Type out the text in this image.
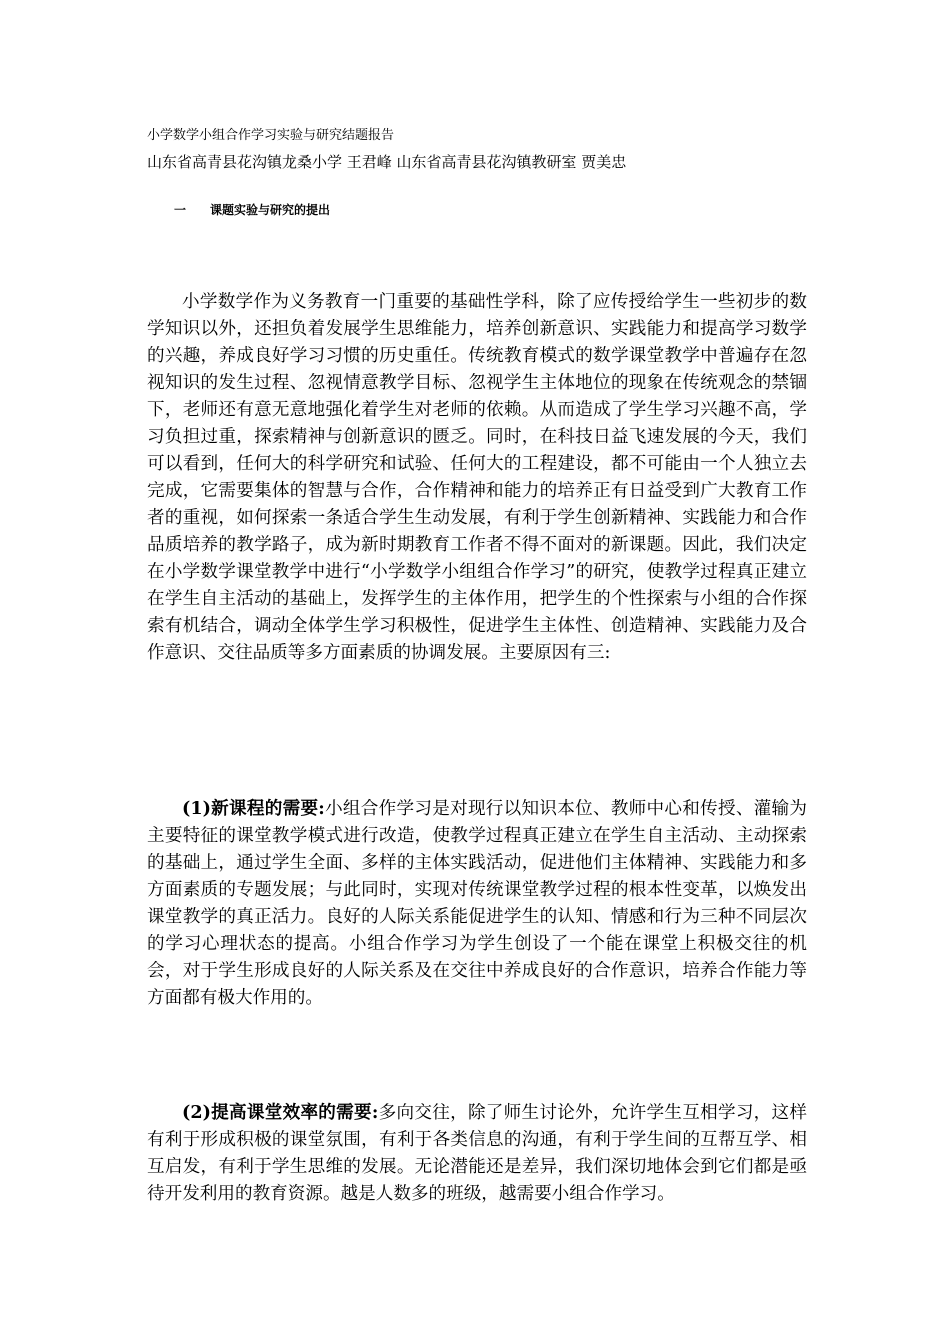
小学数学小组合作学习实验与研究结题报告
山东省高青县花沟镇龙桑小学 王君峰 山东省高青县花沟镇教研室 贾美忠
一 课题实验与研究的提出

小学数学作为义务教育一门重要的基础性学科，除了应传授给学生一些初步的数学知识以外，还担负着发展学生思维能力，培养创新意识、实践能力和提高学习数学的兴趣，养成良好学习习惯的历史重任。传统教育模式的数学课堂教学中普遍存在忽视知识的发生过程、忽视情意教学目标、忽视学生主体地位的现象在传统观念的禁锢下，老师还有意无意地强化着学生对老师的依赖。从而造成了学生学习兴趣不高，学习负担过重，探索精神与创新意识的匮乏。同时，在科技日益飞速发展的今天，我们可以看到，任何大的科学研究和试验、任何大的工程建设，都不可能由一个人独立去完成，它需要集体的智慧与合作，合作精神和能力的培养正有日益受到广大教育工作者的重视，如何探索一条适合学生生动发展，有利于学生创新精神、实践能力和合作品质培养的教学路子，成为新时期教育工作者不得不面对的新课题。因此，我们决定在小学数学课堂教学中进行“小学数学小组组合作学习”的研究，使教学过程真正建立在学生自主活动的基础上，发挥学生的主体作用，把学生的个性探索与小组的合作探索有机结合，调动全体学生学习积极性，促进学生主体性、创造精神、实践能力及合作意识、交往品质等多方面素质的协调发展。主要原因有三:

(1)新课程的需要:小组合作学习是对现行以知识本位、教师中心和传授、灌输为主要特征的课堂教学模式进行改造，使教学过程真正建立在学生自主活动、主动探索的基础上，通过学生全面、多样的主体实践活动，促进他们主体精神、实践能力和多方面素质的专题发展；与此同时，实现对传统课堂教学过程的根本性变革，以焕发出课堂教学的真正活力。良好的人际关系能促进学生的认知、情感和行为三种不同层次的学习心理状态的提高。小组合作学习为学生创设了一个能在课堂上积极交往的机会，对于学生形成良好的人际关系及在交往中养成良好的合作意识，培养合作能力等方面都有极大作用的。

(2)提高课堂效率的需要:多向交往，除了师生讨论外，允许学生互相学习，这样有利于形成积极的课堂氛围，有利于各类信息的沟通，有利于学生间的互帮互学、相互启发，有利于学生思维的发展。无论潜能还是差异，我们深切地体会到它们都是亟待开发利用的教育资源。越是人数多的班级，越需要小组合作学习。
